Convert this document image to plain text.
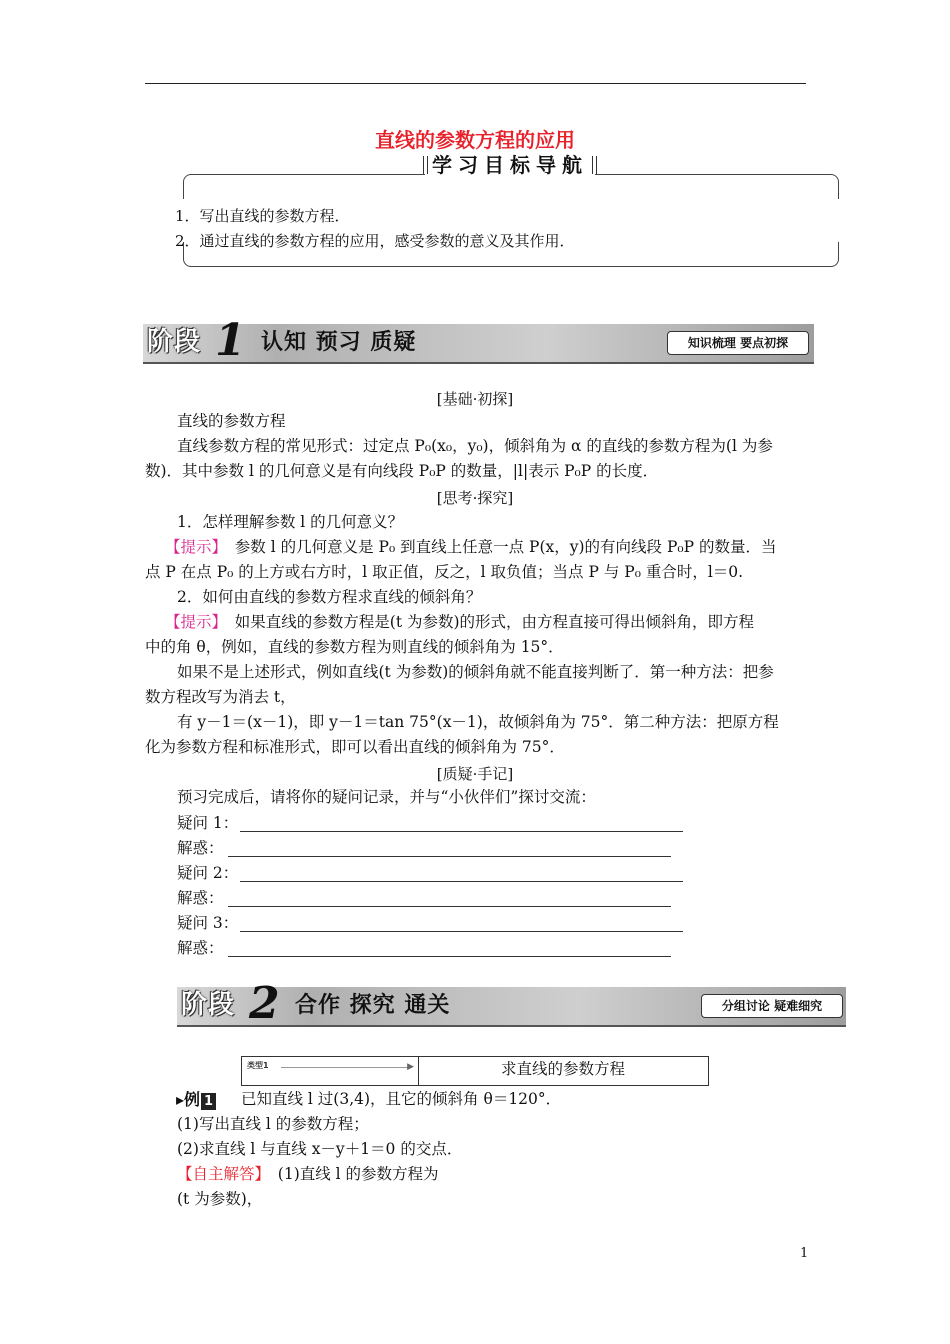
直线的参数方程的应用
学习目标导航
1．写出直线的参数方程．
2．通过直线的参数方程的应用，感受参数的意义及其作用．
阶段 1 认知 预习 质疑	知识梳理 要点初探
[基础·初探]
直线的参数方程
直线参数方程的常见形式：过定点 P₀(x₀，y₀)，倾斜角为 α 的直线的参数方程为(l 为参
数)．其中参数 l 的几何意义是有向线段 P₀P 的数量，|l|表示 P₀P 的长度．
[思考·探究]
1．怎样理解参数 l 的几何意义？
【提示】　 参数 l 的几何意义是 P₀ 到直线上任意一点 P(x，y)的有向线段 P₀P 的数量．当
点 P 在点 P₀ 的上方或右方时，l 取正值，反之，l 取负值；当点 P 与 P₀ 重合时，l＝0.
2．如何由直线的参数方程求直线的倾斜角？
【提示】　 如果直线的参数方程是(t 为参数)的形式，由方程直接可得出倾斜角，即方程
中的角 θ，例如，直线的参数方程为则直线的倾斜角为 15°．
如果不是上述形式，例如直线(t 为参数)的倾斜角就不能直接判断了．第一种方法：把参
数方程改写为消去 t，
有 y－1＝(x－1)，即 y－1＝tan 75°(x－1)，故倾斜角为 75°．第二种方法：把原方程
化为参数方程和标准形式，即可以看出直线的倾斜角为 75°．
[质疑·手记]
预习完成后，请将你的疑问记录，并与“小伙伴们”探讨交流：
疑问 1：
解惑：
疑问 2：
解惑：
疑问 3：
解惑：
阶段 2 合作 探究 通关	分组讨论 疑难细究
类型1	▶	求直线的参数方程
▸例 1 已知直线 l 过(3,4)，且它的倾斜角 θ＝120°．
(1)写出直线 l 的参数方程；
(2)求直线 l 与直线 x－y＋1＝0 的交点．
【自主解答】　 (1)直线 l 的参数方程为
(t 为参数)，
1
